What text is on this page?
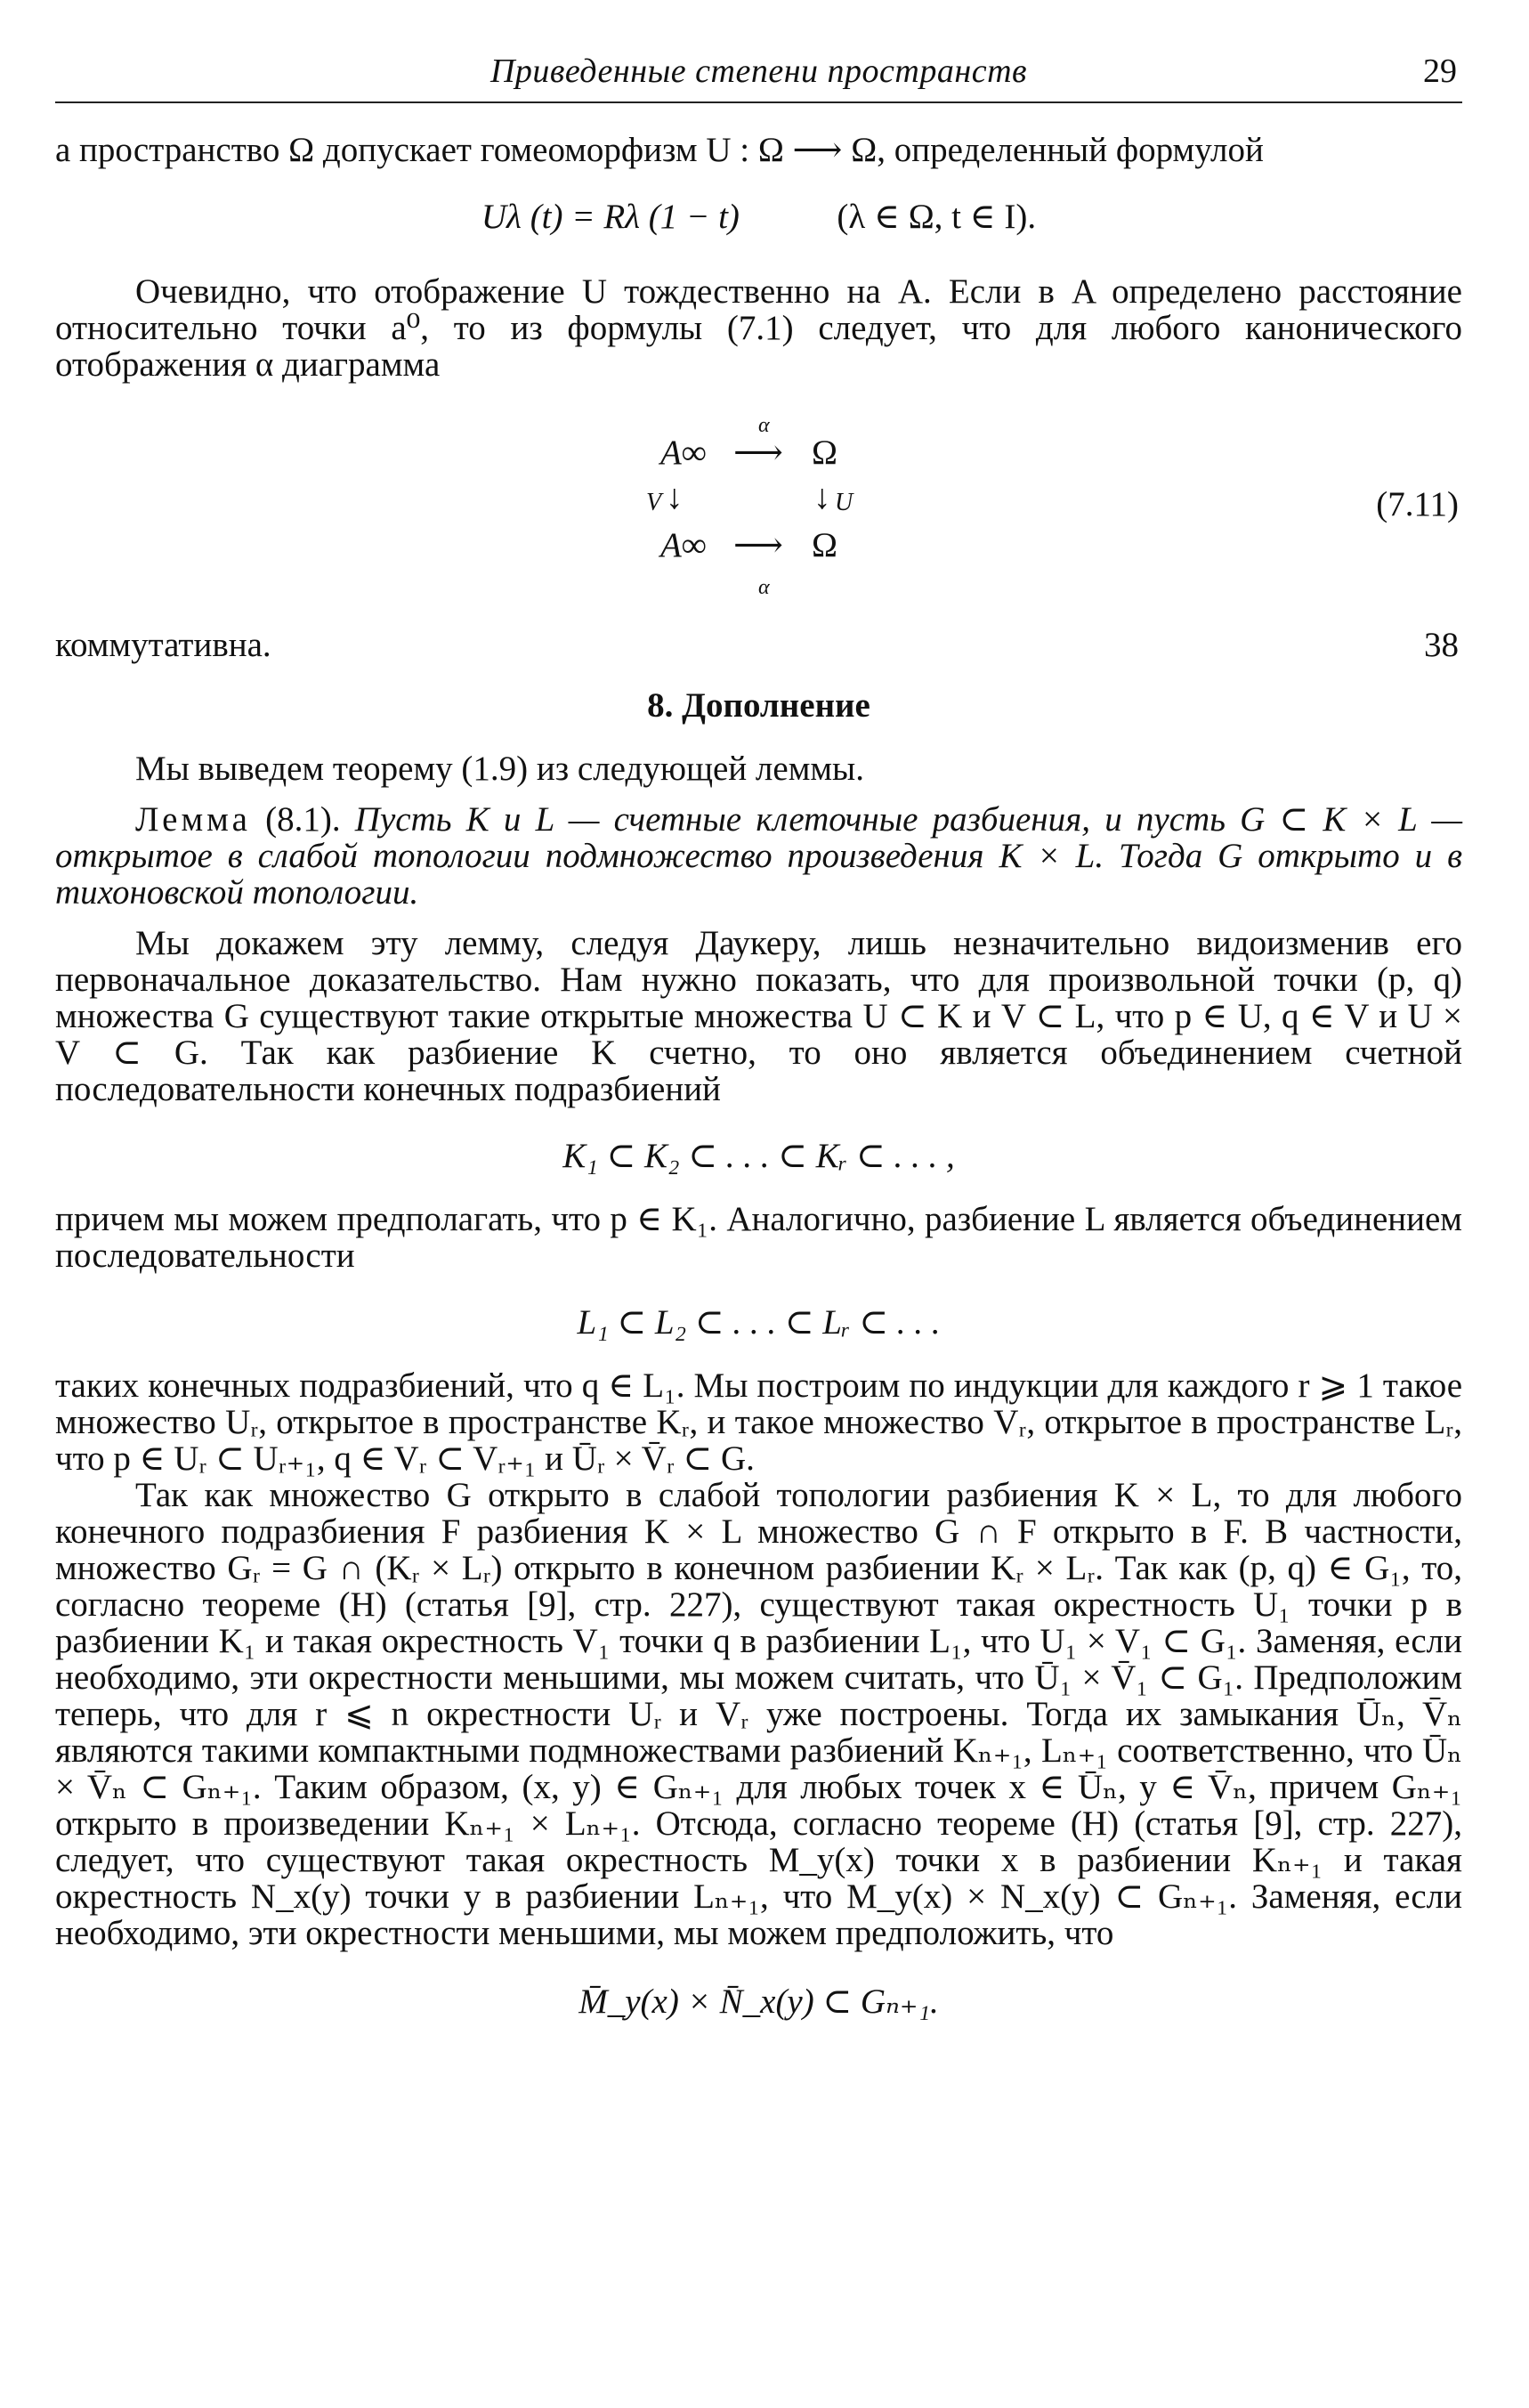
Приведенные степени пространств	29

а пространство Ω допускает гомеоморфизм U : Ω ⟶ Ω, определенный формулой

Uλ (t) = Rλ (1 − t)	(λ ∈ Ω, t ∈ I).

Очевидно, что отображение U тождественно на A. Если в A определено расстояние относительно точки a⁰, то из формулы (7.1) следует, что для любого канонического отображения α диаграмма

α
A∞ ⟶ Ω
V ↓	↓ U
A∞ ⟶ Ω
α
(7.11)
коммутативна.	38
8. Дополнение

Мы выведем теорему (1.9) из следующей леммы.

Лемма (8.1). Пусть K и L — счетные клеточные разбиения, и пусть G ⊂ K × L — открытое в слабой топологии подмножество произведения K × L. Тогда G открыто и в тихоновской топологии.

Мы докажем эту лемму, следуя Даукеру, лишь незначительно видоизменив его первоначальное доказательство. Нам нужно показать, что для произвольной точки (p, q) множества G существуют такие открытые множества U ⊂ K и V ⊂ L, что p ∈ U, q ∈ V и U × V ⊂ G. Так как разбиение K счетно, то оно является объединением счетной последовательности конечных подразбиений

K₁ ⊂ K₂ ⊂ . . . ⊂ Kᵣ ⊂ . . . ,

причем мы можем предполагать, что p ∈ K₁. Аналогично, разбиение L является объединением последовательности

L₁ ⊂ L₂ ⊂ . . . ⊂ Lᵣ ⊂ . . .

таких конечных подразбиений, что q ∈ L₁. Мы построим по индукции для каждого r ⩾ 1 такое множество Uᵣ, открытое в пространстве Kᵣ, и такое множество Vᵣ, открытое в пространстве Lᵣ, что p ∈ Uᵣ ⊂ Uᵣ₊₁, q ∈ Vᵣ ⊂ Vᵣ₊₁ и Ūᵣ × V̄ᵣ ⊂ G.

Так как множество G открыто в слабой топологии разбиения K × L, то для любого конечного подразбиения F разбиения K × L множество G ∩ F открыто в F. В частности, множество Gᵣ = G ∩ (Kᵣ × Lᵣ) открыто в конечном разбиении Kᵣ × Lᵣ. Так как (p, q) ∈ G₁, то, согласно теореме (H) (статья [9], стр. 227), существуют такая окрестность U₁ точки p в разбиении K₁ и такая окрестность V₁ точки q в разбиении L₁, что U₁ × V₁ ⊂ G₁. Заменяя, если необходимо, эти окрестности меньшими, мы можем считать, что Ū₁ × V̄₁ ⊂ G₁. Предположим теперь, что для r ⩽ n окрестности Uᵣ и Vᵣ уже построены. Тогда их замыкания Ūₙ, V̄ₙ являются такими компактными подмножествами разбиений Kₙ₊₁, Lₙ₊₁ соответственно, что Ūₙ × V̄ₙ ⊂ Gₙ₊₁. Таким образом, (x, y) ∈ Gₙ₊₁ для любых точек x ∈ Ūₙ, y ∈ V̄ₙ, причем Gₙ₊₁ открыто в произведении Kₙ₊₁ × Lₙ₊₁. Отсюда, согласно теореме (H) (статья [9], стр. 227), следует, что существуют такая окрестность M_y(x) точки x в разбиении Kₙ₊₁ и такая окрестность N_x(y) точки y в разбиении Lₙ₊₁, что M_y(x) × N_x(y) ⊂ Gₙ₊₁. Заменяя, если необходимо, эти окрестности меньшими, мы можем предположить, что

M̄_y(x) × N̄_x(y) ⊂ Gₙ₊₁.
